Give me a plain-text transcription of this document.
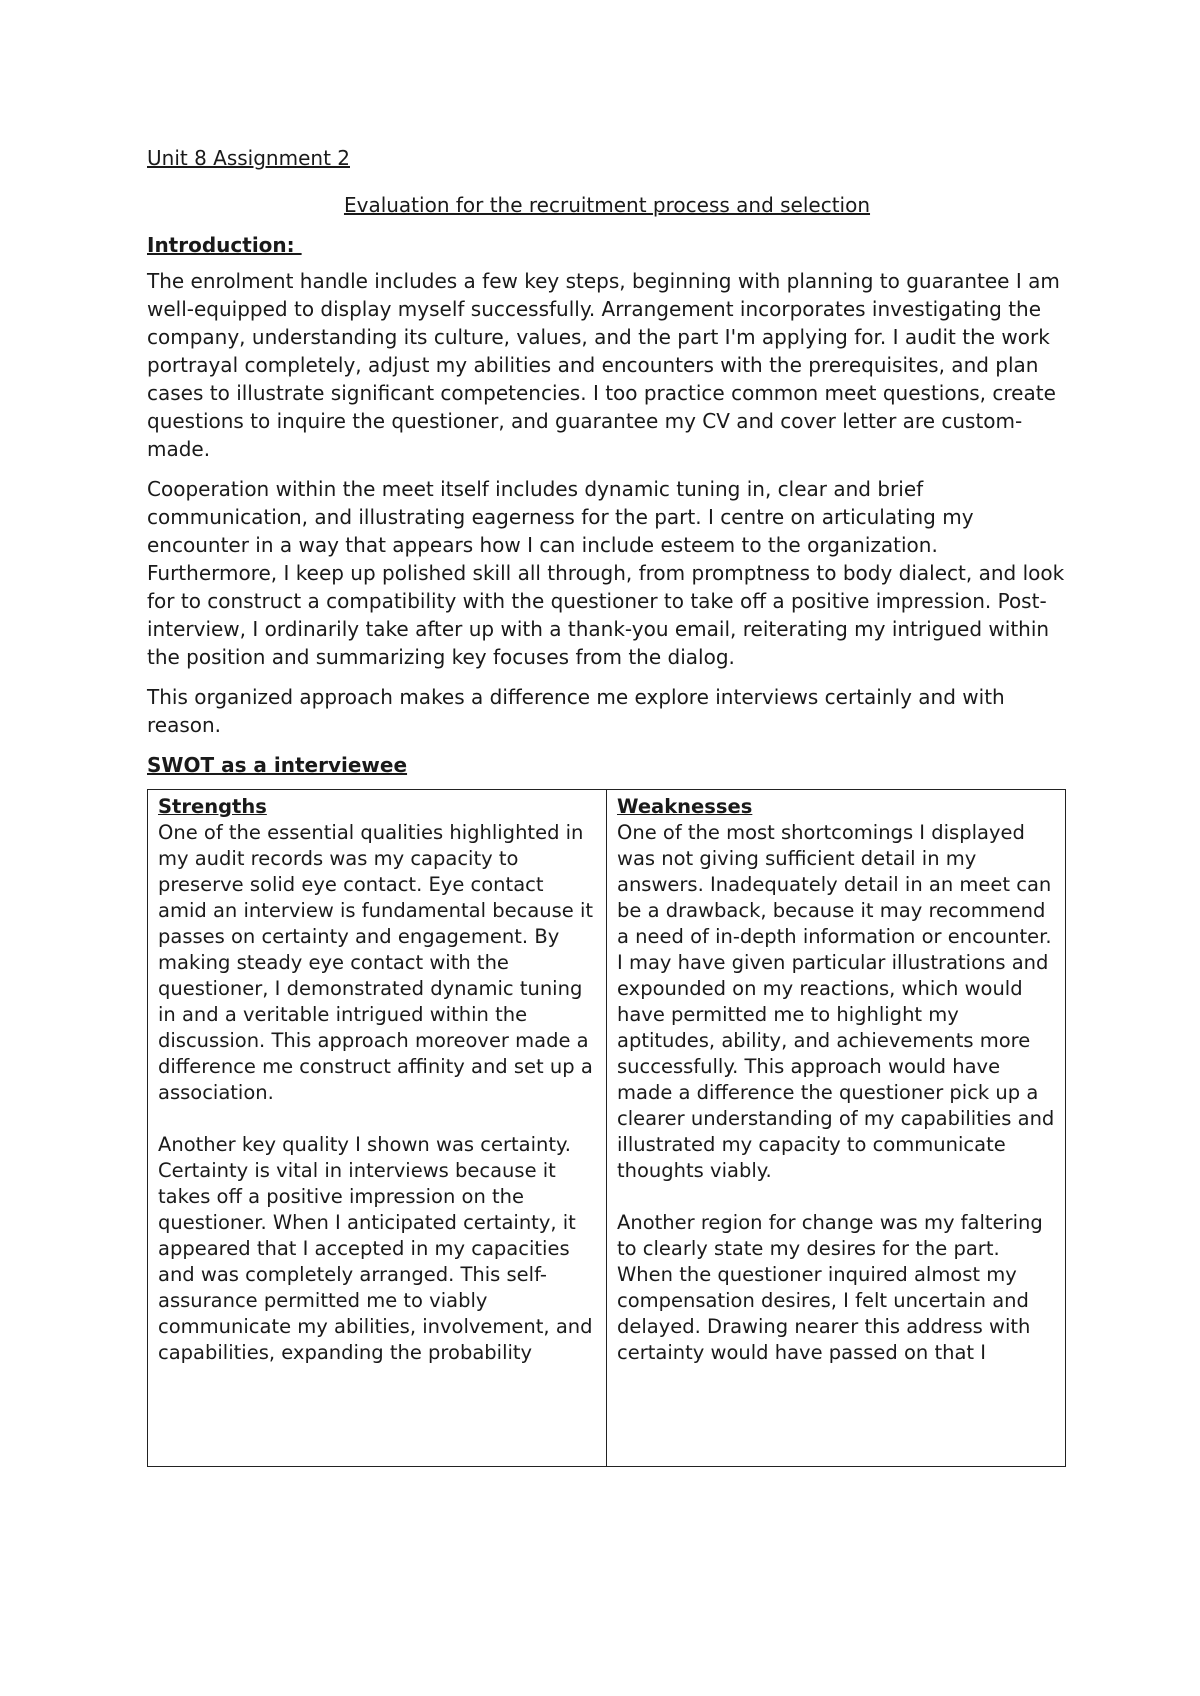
Unit 8 Assignment 2

Evaluation for the recruitment process and selection

Introduction:

The enrolment handle includes a few key steps, beginning with planning to guarantee I am well-equipped to display myself successfully. Arrangement incorporates investigating the company, understanding its culture, values, and the part I'm applying for. I audit the work portrayal completely, adjust my abilities and encounters with the prerequisites, and plan cases to illustrate significant competencies. I too practice common meet questions, create questions to inquire the questioner, and guarantee my CV and cover letter are custom-made.

Cooperation within the meet itself includes dynamic tuning in, clear and brief communication, and illustrating eagerness for the part. I centre on articulating my encounter in a way that appears how I can include esteem to the organization. Furthermore, I keep up polished skill all through, from promptness to body dialect, and look for to construct a compatibility with the questioner to take off a positive impression. Post-interview, I ordinarily take after up with a thank-you email, reiterating my intrigued within the position and summarizing key focuses from the dialog.

This organized approach makes a difference me explore interviews certainly and with reason.

SWOT as a interviewee

Strengths

One of the essential qualities highlighted in my audit records was my capacity to preserve solid eye contact. Eye contact amid an interview is fundamental because it passes on certainty and engagement. By making steady eye contact with the questioner, I demonstrated dynamic tuning in and a veritable intrigued within the discussion. This approach moreover made a difference me construct affinity and set up a association.

Another key quality I shown was certainty. Certainty is vital in interviews because it takes off a positive impression on the questioner. When I anticipated certainty, it appeared that I accepted in my capacities and was completely arranged. This self-assurance permitted me to viably communicate my abilities, involvement, and capabilities, expanding the probability

Weaknesses

One of the most shortcomings I displayed was not giving sufficient detail in my answers. Inadequately detail in an meet can be a drawback, because it may recommend a need of in-depth information or encounter. I may have given particular illustrations and expounded on my reactions, which would have permitted me to highlight my aptitudes, ability, and achievements more successfully. This approach would have made a difference the questioner pick up a clearer understanding of my capabilities and illustrated my capacity to communicate thoughts viably.

Another region for change was my faltering to clearly state my desires for the part. When the questioner inquired almost my compensation desires, I felt uncertain and delayed. Drawing nearer this address with certainty would have passed on that I
